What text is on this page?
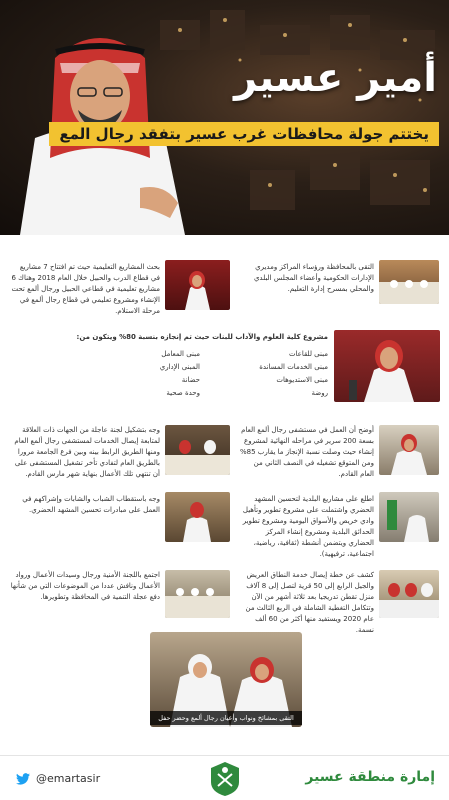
أمير عسير
يختتم جولة محافظات غرب عسير بتفقد رجال المع
التقى بالمحافظة ورؤساء المراكز ومديري الإدارات الحكومية وأعضاء المجلس البلدي والمحلي بمسرح إدارة التعليم.
بحث المشاريع التعليمية حيث تم افتتاح 7 مشاريع في قطاع الدرب والحبيل خلال العام 2018 وهناك 6 مشاريع تعليمية في قطاعي الحبيل ورجال ألمع تحت الإنشاء ومشروع تعليمي في قطاع رجال ألمع في مرحلة الاستلام.
مشروع كلية العلوم والآداب للبنات حيث تم إنجازه بنسبة 80% ويتكون من:
مبنى للقاعات
مبنى الخدمات المساندة
مبنى الاستديوهات
روضة
مبنى المعامل
المبنى الإداري
حضانة
وحدة صحية
أوضح أن العمل في مستشفى رجال ألمع العام بسعة 200 سرير في مراحله النهائية لمشروع إنشاء حيث وصلت نسبة الإنجاز ما يقارب 85% ومن المتوقع تشغيله في النصف الثاني من العام القادم.
وجه بتشكيل لجنة عاجلة من الجهات ذات العلاقة لمتابعة إيصال الخدمات لمستشفى رجال ألمع العام ومنها الطريق الرابط بينه وبين فرع الجامعة مرورا بالطريق العام لتفادي تأخر تشغيل المستشفى على أن تنتهي تلك الأعمال بنهاية شهر مارس القادم.
اطلع على مشاريع البلدية لتحسين المشهد الحضري واشتملت على مشروع تطوير وتأهيل وادي خريص والأسواق اليومية ومشروع تطوير الحدائق البلدية ومشروع إنشاء المركز الحضاري ويتضمن أنشطة (ثقافية، رياضية، اجتماعية، ترفيهية).
وجه باستقطاب الشباب والشابات وإشراكهم في العمل على مبادرات تحسين المشهد الحضري.
كشف عن خطة إيصال خدمة النطاق العريض والجيل الرابع إلى 50 قرية لتصل إلى 8 آلاف منزل تقطن تدريجيا بعد ثلاثة أشهر من الآن وتتكامل التغطية الشاملة في الربع الثالث من عام 2020 ويستفيد منها أكثر من 60 ألف نسمة.
اجتمع باللجنة الأمنية ورجال وسيدات الأعمال ورواد الأعمال ونافش عددا من الموضوعات التي من شأنها دفع عجلة التنمية في المحافظة وتطويرها.
التقى بمشائخ ونواب وأعيان رجال ألمع وحضر حفل الأهالي
@emartasir	إمارة منطقة عسير
